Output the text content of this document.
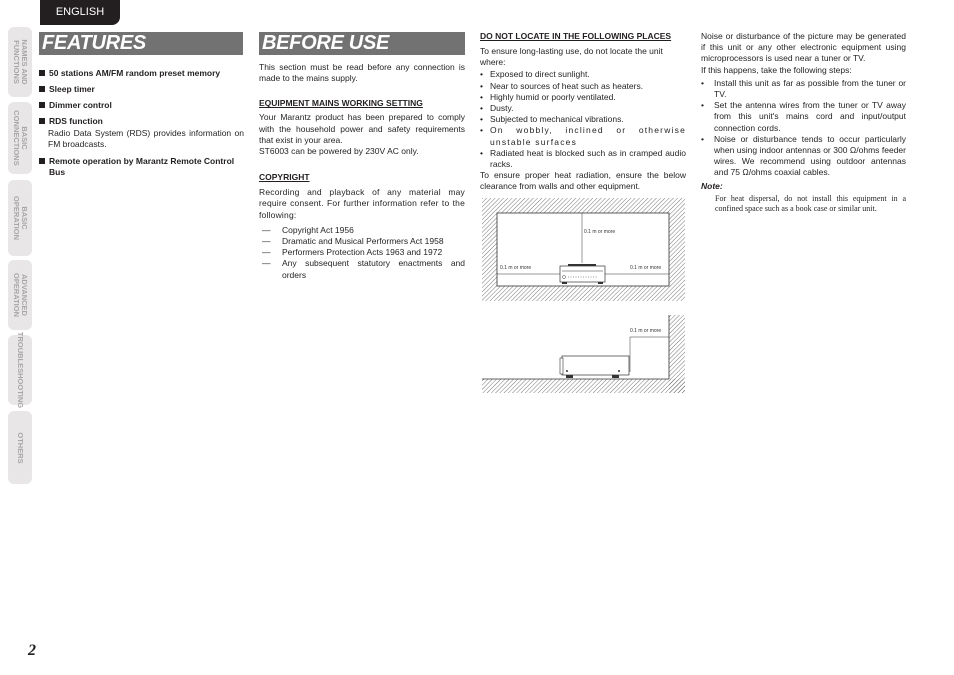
ENGLISH
NAMES AND
FUNCTIONS
BASIC
CONNECTIONS
BASIC
OPERATION
ADVANCED
OPERATION
TROUBLESHOOTING
OTHERS
FEATURES
50 stations AM/FM random preset memory
Sleep timer
Dimmer control
RDS function
Radio Data System (RDS) provides information on FM broadcasts.
Remote operation by Marantz Remote Control Bus
BEFORE USE
This section must be read before any connection is made to the mains supply.
EQUIPMENT MAINS WORKING SETTING
Your Marantz product has been prepared to comply with the household power and safety requirements that exist in your area.
ST6003 can be powered by 230V AC only.
COPYRIGHT
Recording and playback of any material may require consent. For further information refer to the following:
— Copyright Act 1956
— Dramatic and Musical Performers Act 1958
— Performers Protection Acts 1963 and 1972
— Any subsequent statutory enactments and orders
DO NOT LOCATE IN THE FOLLOWING PLACES
To ensure long-lasting use, do not locate the unit where:
• Exposed to direct sunlight.
• Near to sources of heat such as heaters.
• Highly humid or poorly ventilated.
• Dusty.
• Subjected to mechanical vibrations.
• On wobbly, inclined or otherwise unstable surfaces
• Radiated heat is blocked such as in cramped audio racks.
To ensure proper heat radiation, ensure the below clearance from walls and other equipment.
0.1 m or more
0.1 m or more	0.1 m or more
0.1 m or more
Noise or disturbance of the picture may be generated if this unit or any other electronic equipment using microprocessors is used near a tuner or TV.
If this happens, take the following steps:
• Install this unit as far as possible from the tuner or TV.
• Set the antenna wires from the tuner or TV away from this unit's mains cord and input/output connection cords.
• Noise or disturbance tends to occur particularly when using indoor antennas or 300 Ω/ohms feeder wires. We recommend using outdoor antennas and 75 Ω/ohms coaxial cables.
Note:
For heat dispersal, do not install this equipment in a confined space such as a book case or similar unit.
2
